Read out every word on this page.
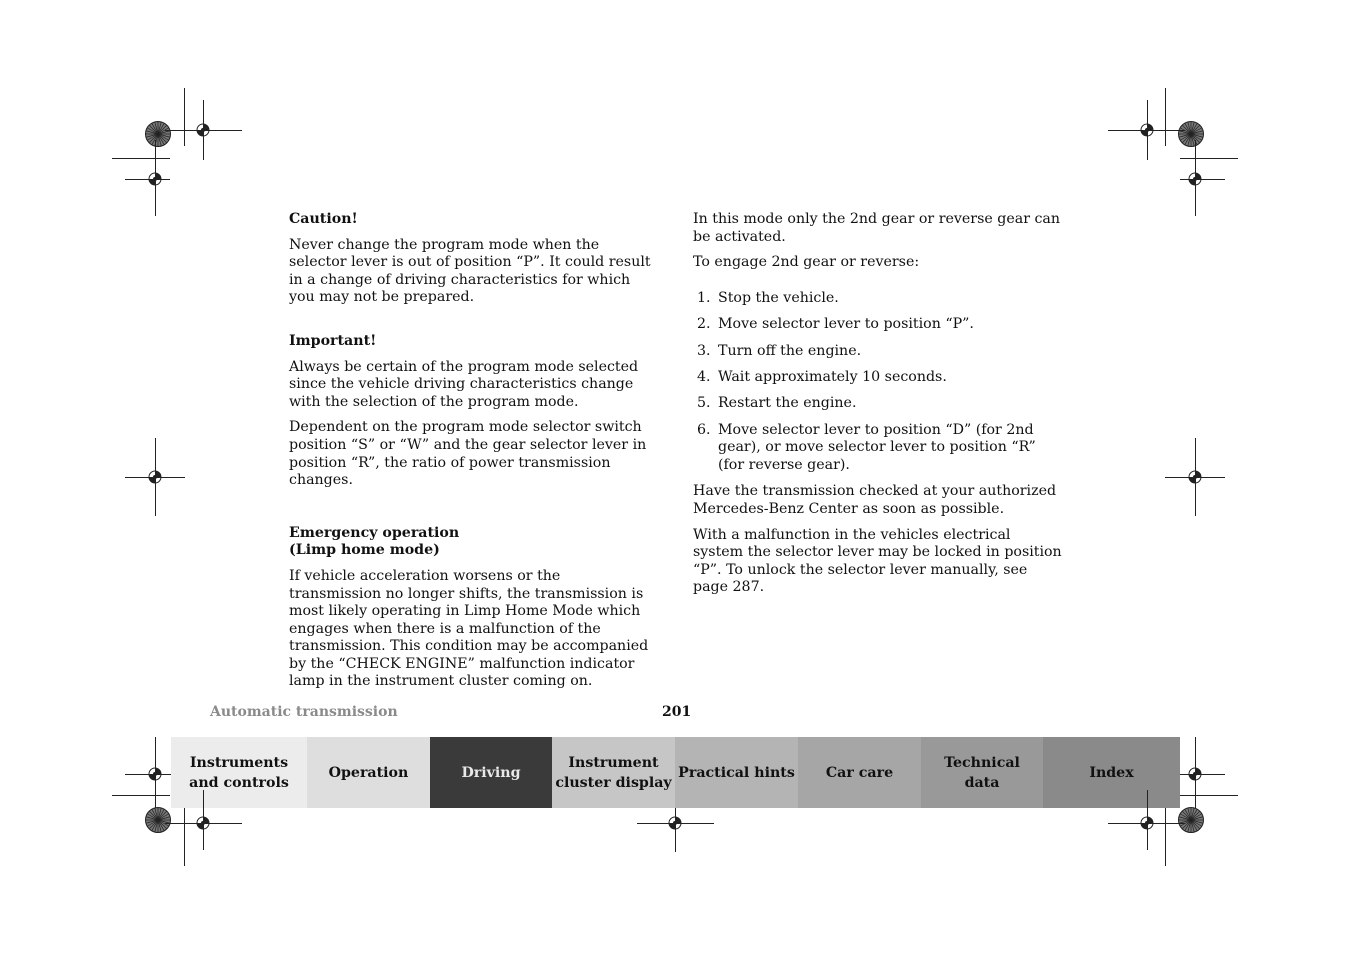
Caution!

Never change the program mode when the selector lever is out of position “P”. It could result in a change of driving characteristics for which you may not be prepared.

Important!

Always be certain of the program mode selected since the vehicle driving characteristics change with the selection of the program mode.

Dependent on the program mode selector switch position “S” or “W” and the gear selector lever in position “R”, the ratio of power transmission changes.

Emergency operation
(Limp home mode)

If vehicle acceleration worsens or the transmission no longer shifts, the transmission is most likely operating in Limp Home Mode which engages when there is a malfunction of the transmission. This condition may be accompanied by the “CHECK ENGINE” malfunction indicator lamp in the instrument cluster coming on.

In this mode only the 2nd gear or reverse gear can be activated.

To engage 2nd gear or reverse:

1. Stop the vehicle.
2. Move selector lever to position “P”.
3. Turn off the engine.
4. Wait approximately 10 seconds.
5. Restart the engine.
6. Move selector lever to position “D” (for 2nd gear), or move selector lever to position “R” (for reverse gear).

Have the transmission checked at your authorized Mercedes-Benz Center as soon as possible.

With a malfunction in the vehicles electrical system the selector lever may be locked in position “P”. To unlock the selector lever manually, see page 287.

Automatic transmission	201
Instruments
and controls
Operation	Driving
Instrument
cluster display
Practical hints Car care
Technical
data
Index
